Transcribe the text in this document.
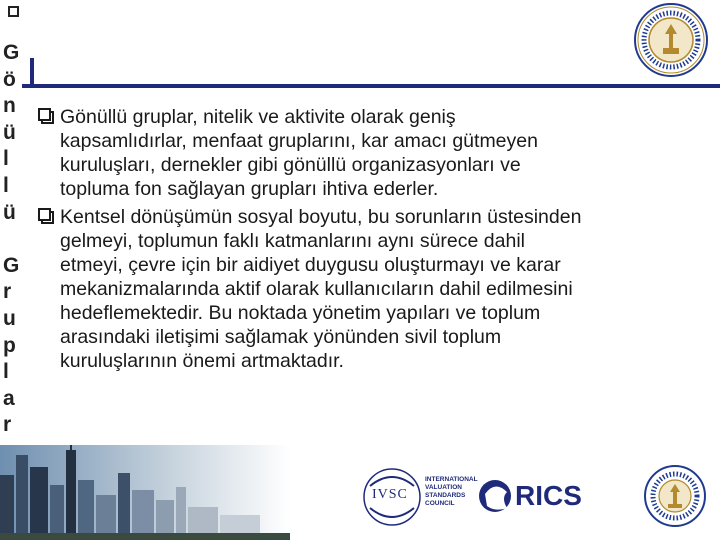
G
ö
n
ü
l
l
ü
G
r
u
p
l
a
r
Gönüllü gruplar, nitelik ve aktivite olarak geniş
kapsamlıdırlar, menfaat gruplarını, kar amacı gütmeyen
kuruluşları, dernekler gibi gönüllü organizasyonları ve
topluma fon sağlayan grupları ihtiva ederler.
Kentsel dönüşümün sosyal boyutu, bu sorunların üstesinden
gelmeyi, toplumun faklı katmanlarını aynı sürece dahil
etmeyi, çevre için bir aidiyet duygusu oluşturmayı ve karar
mekanizmalarında aktif olarak kullanıcıların dahil edilmesini
hedeflemektedir. Bu noktada yönetim yapıları ve toplum
arasındaki iletişimi sağlamak yönünden sivil toplum
kuruluşlarının önemi artmaktadır.
IVSC
INTERNATIONAL
VALUATION
STANDARDS
COUNCIL	RICS
